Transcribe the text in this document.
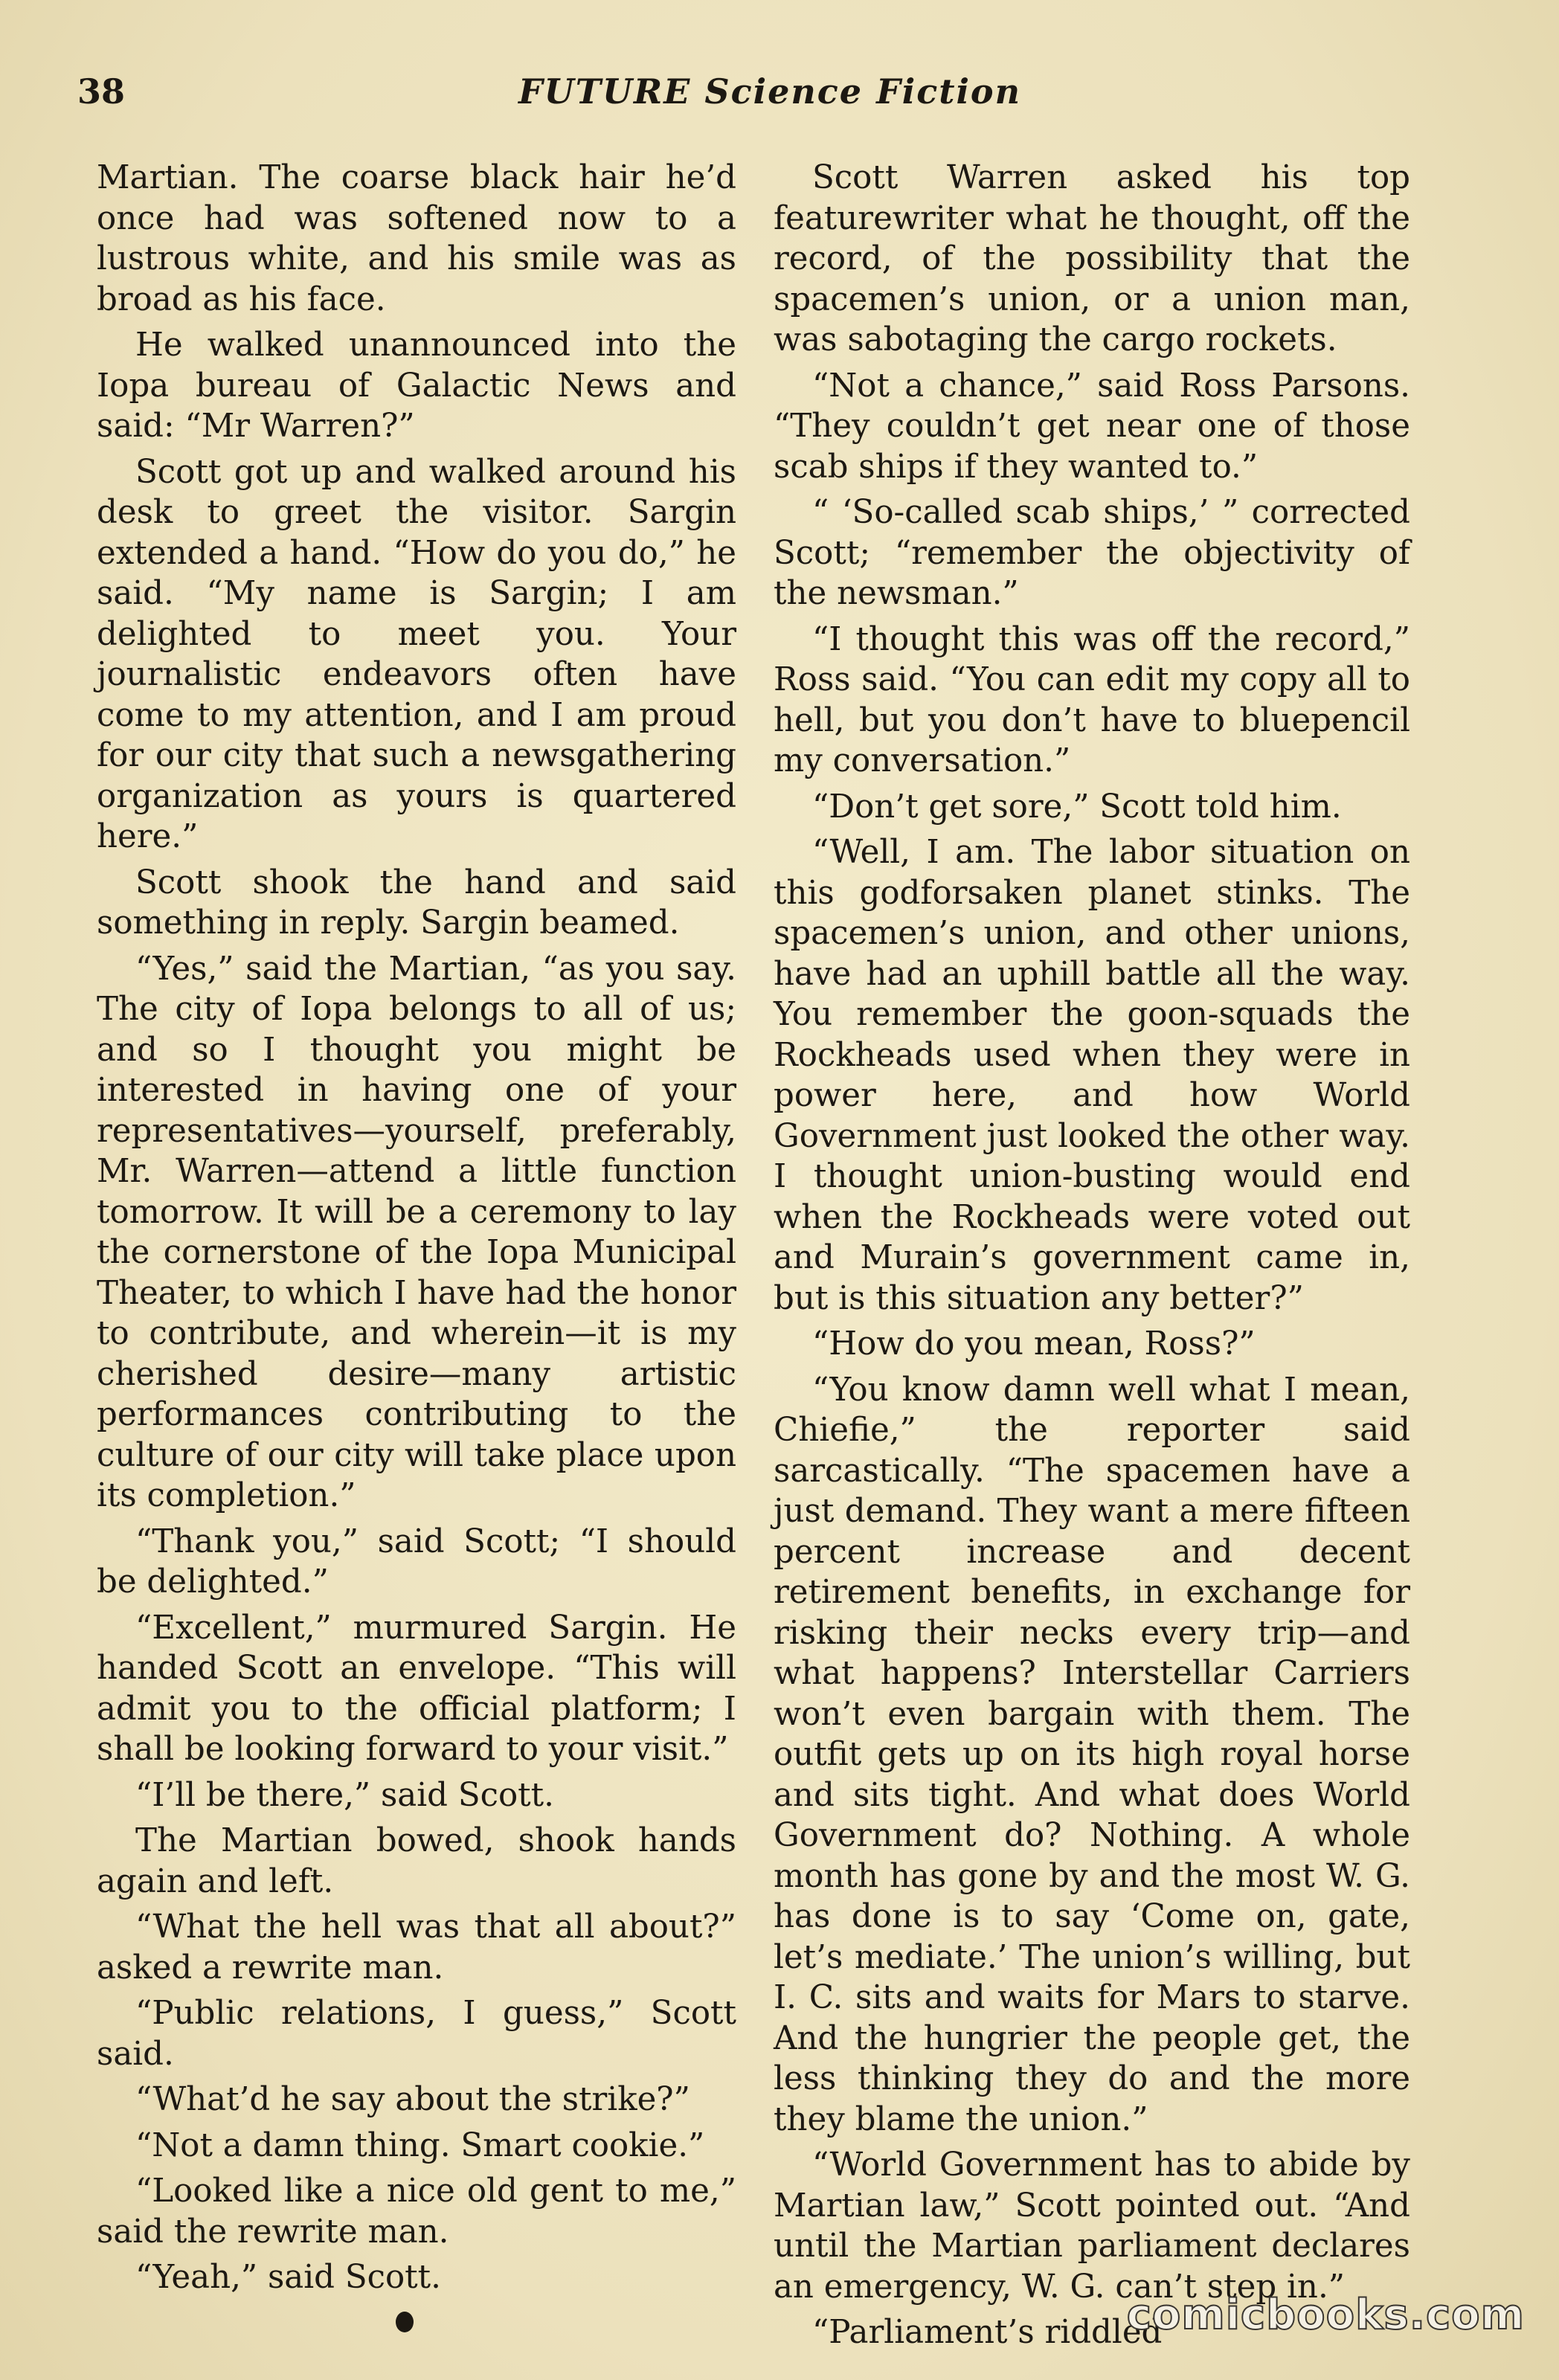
38	FUTURE Science Fiction

Martian. The coarse black hair he’d once had was softened now to a lustrous white, and his smile was as broad as his face.

He walked unannounced into the Iopa bureau of Galactic News and said: “Mr Warren?”

Scott got up and walked around his desk to greet the visitor. Sargin extended a hand. “How do you do,” he said. “My name is Sargin; I am delighted to meet you. Your journalistic endeavors often have come to my attention, and I am proud for our city that such a newsgathering organization as yours is quartered here.”

Scott shook the hand and said something in reply. Sargin beamed.

“Yes,” said the Martian, “as you say. The city of Iopa belongs to all of us; and so I thought you might be interested in having one of your representatives—yourself, preferably, Mr. Warren—attend a little function tomorrow. It will be a ceremony to lay the cornerstone of the Iopa Municipal Theater, to which I have had the honor to contribute, and wherein—it is my cherished desire—many artistic performances contributing to the culture of our city will take place upon its completion.”

“Thank you,” said Scott; “I should be delighted.”

“Excellent,” murmured Sargin. He handed Scott an envelope. “This will admit you to the official platform; I shall be looking forward to your visit.”

“I’ll be there,” said Scott.

The Martian bowed, shook hands again and left.

“What the hell was that all about?” asked a rewrite man.

“Public relations, I guess,” Scott said.

“What’d he say about the strike?”

“Not a damn thing. Smart cookie.”

“Looked like a nice old gent to me,” said the rewrite man.

“Yeah,” said Scott.

Scott Warren asked his top featurewriter what he thought, off the record, of the possibility that the spacemen’s union, or a union man, was sabotaging the cargo rockets.

“Not a chance,” said Ross Parsons. “They couldn’t get near one of those scab ships if they wanted to.”

“ ‘So-called scab ships,’ ” corrected Scott; “remember the objectivity of the newsman.”

“I thought this was off the record,” Ross said. “You can edit my copy all to hell, but you don’t have to bluepencil my conversation.”

“Don’t get sore,” Scott told him.

“Well, I am. The labor situation on this godforsaken planet stinks. The spacemen’s union, and other unions, have had an uphill battle all the way. You remember the goon-squads the Rockheads used when they were in power here, and how World Government just looked the other way. I thought union-busting would end when the Rockheads were voted out and Murain’s government came in, but is this situation any better?”

“How do you mean, Ross?”

“You know damn well what I mean, Chiefie,” the reporter said sarcastically. “The spacemen have a just demand. They want a mere fifteen percent increase and decent retirement benefits, in exchange for risking their necks every trip—and what happens? Interstellar Carriers won’t even bargain with them. The outfit gets up on its high royal horse and sits tight. And what does World Government do? Nothing. A whole month has gone by and the most W. G. has done is to say ‘Come on, gate, let’s mediate.’ The union’s willing, but I. C. sits and waits for Mars to starve. And the hungrier the people get, the less thinking they do and the more they blame the union.”

“World Government has to abide by Martian law,” Scott pointed out. “And until the Martian parliament declares an emergency, W. G. can’t step in.”

“Parliament’s riddled

comicbooks.com
